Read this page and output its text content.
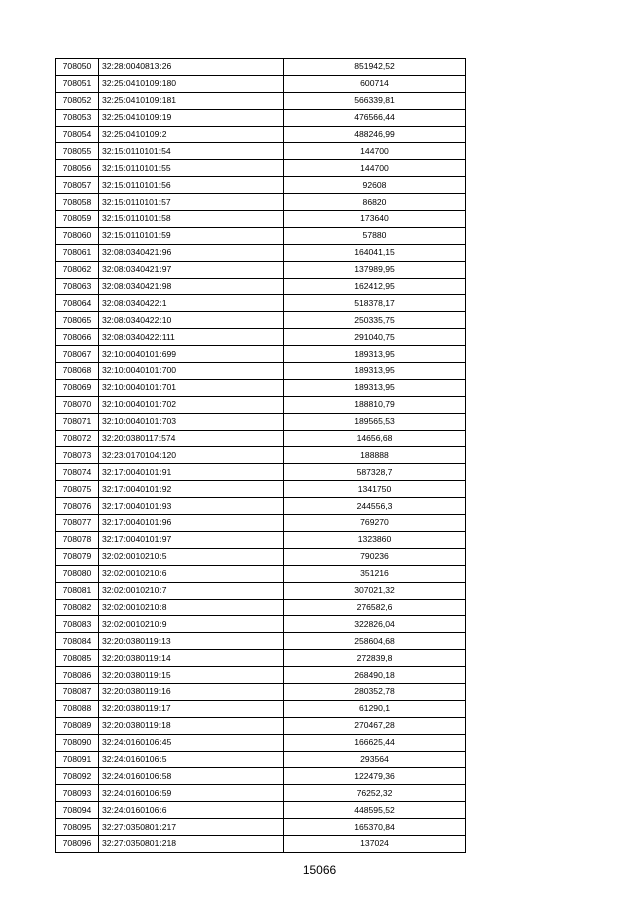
708050	32:28:0040813:26	851942,52
708051	32:25:0410109:180	600714
708052	32:25:0410109:181	566339,81
708053	32:25:0410109:19	476566,44
708054	32:25:0410109:2	488246,99
708055	32:15:0110101:54	144700
708056	32:15:0110101:55	144700
708057	32:15:0110101:56	92608
708058	32:15:0110101:57	86820
708059	32:15:0110101:58	173640
708060	32:15:0110101:59	57880
708061	32:08:0340421:96	164041,15
708062	32:08:0340421:97	137989,95
708063	32:08:0340421:98	162412,95
708064	32:08:0340422:1	518378,17
708065	32:08:0340422:10	250335,75
708066	32:08:0340422:111	291040,75
708067	32:10:0040101:699	189313,95
708068	32:10:0040101:700	189313,95
708069	32:10:0040101:701	189313,95
708070	32:10:0040101:702	188810,79
708071	32:10:0040101:703	189565,53
708072	32:20:0380117:574	14656,68
708073	32:23:0170104:120	188888
708074	32:17:0040101:91	587328,7
708075	32:17:0040101:92	1341750
708076	32:17:0040101:93	244556,3
708077	32:17:0040101:96	769270
708078	32:17:0040101:97	1323860
708079	32:02:0010210:5	790236
708080	32:02:0010210:6	351216
708081	32:02:0010210:7	307021,32
708082	32:02:0010210:8	276582,6
708083	32:02:0010210:9	322826,04
708084	32:20:0380119:13	258604,68
708085	32:20:0380119:14	272839,8
708086	32:20:0380119:15	268490,18
708087	32:20:0380119:16	280352,78
708088	32:20:0380119:17	61290,1
708089	32:20:0380119:18	270467,28
708090	32:24:0160106:45	166625,44
708091	32:24:0160106:5	293564
708092	32:24:0160106:58	122479,36
708093	32:24:0160106:59	76252,32
708094	32:24:0160106:6	448595,52
708095	32:27:0350801:217	165370,84
708096	32:27:0350801:218	137024
15066
